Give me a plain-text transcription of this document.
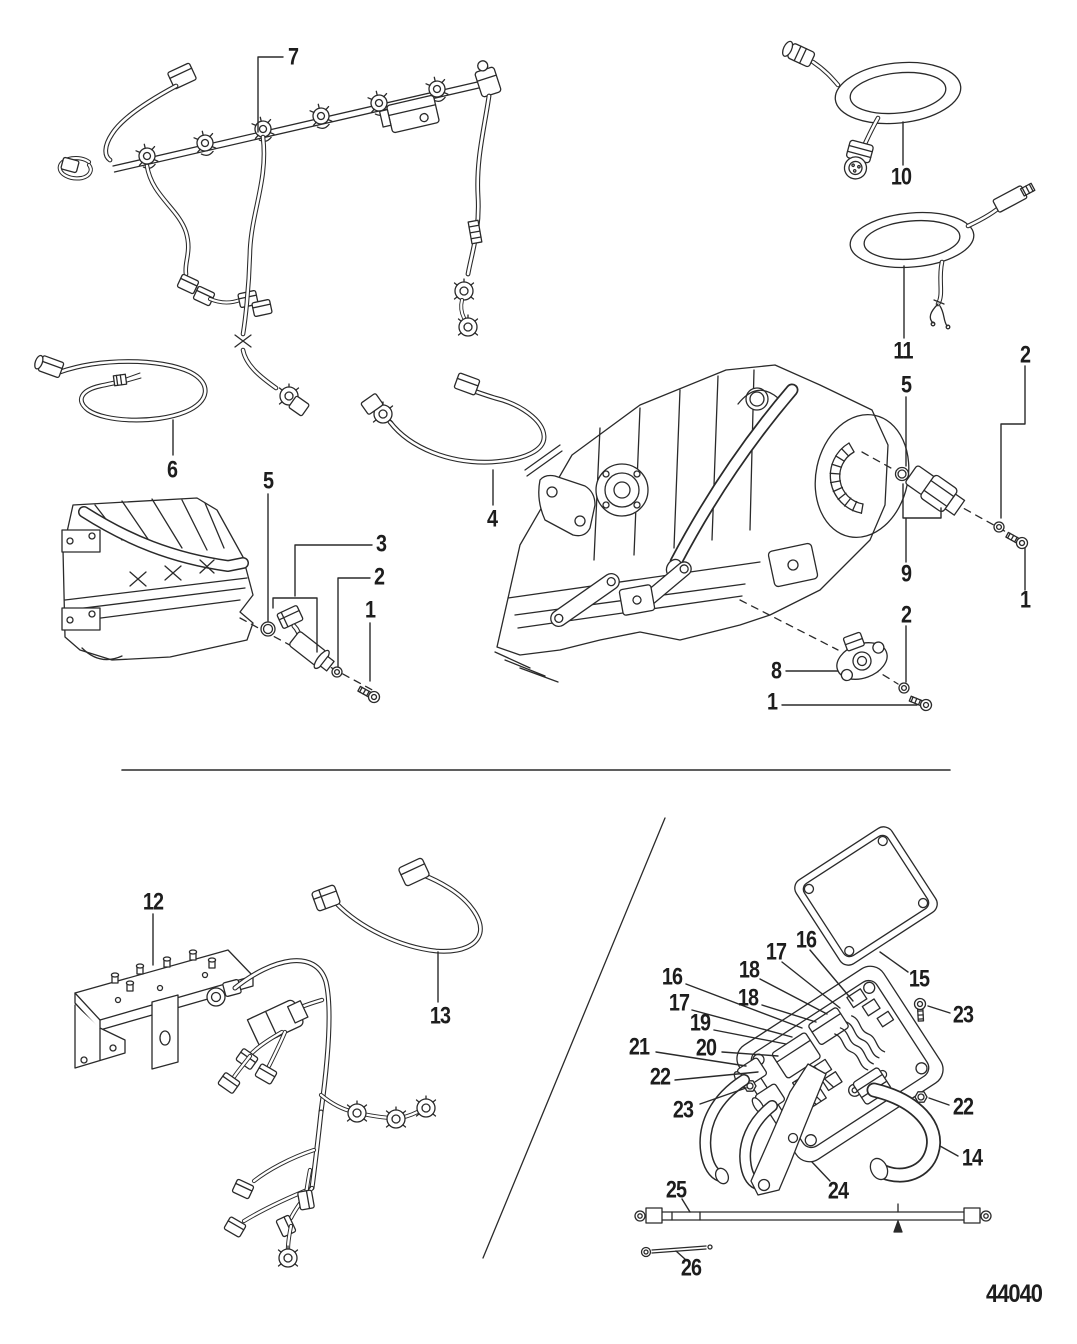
7
10
11	2
5
6	5
4
3
9
2
1
1	2
8
1
12
13
16
17
18	15
16
18
17	23
19
20
21
22
22
23
14
24
25
26
44040
